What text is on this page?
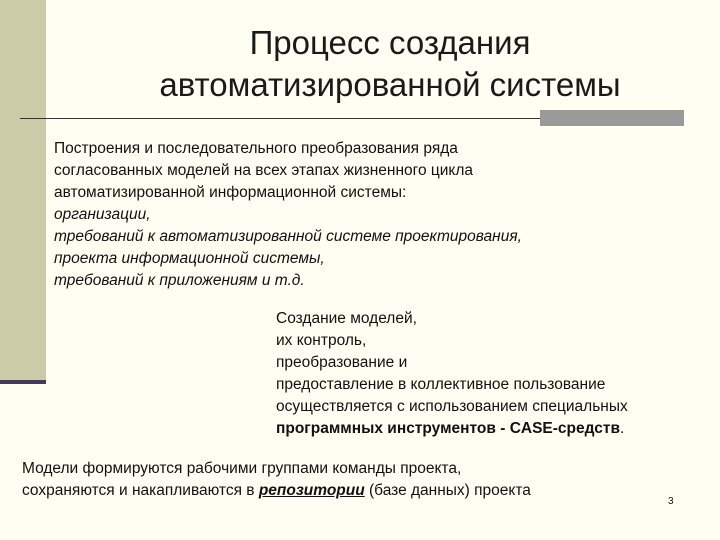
Процесс создания
автоматизированной системы
Построения и последовательного преобразования ряда
согласованных моделей на всех этапах жизненного цикла
автоматизированной информационной системы:
организации,
требований к автоматизированной системе проектирования,
проекта информационной системы,
требований к приложениям и т.д.
Создание моделей,
их контроль,
преобразование и
предоставление в коллективное пользование
осуществляется с использованием специальных
программных инструментов - CASE-средств.
Модели формируются рабочими группами команды проекта,
сохраняются и накапливаются в репозитории (базе данных) проекта
3
